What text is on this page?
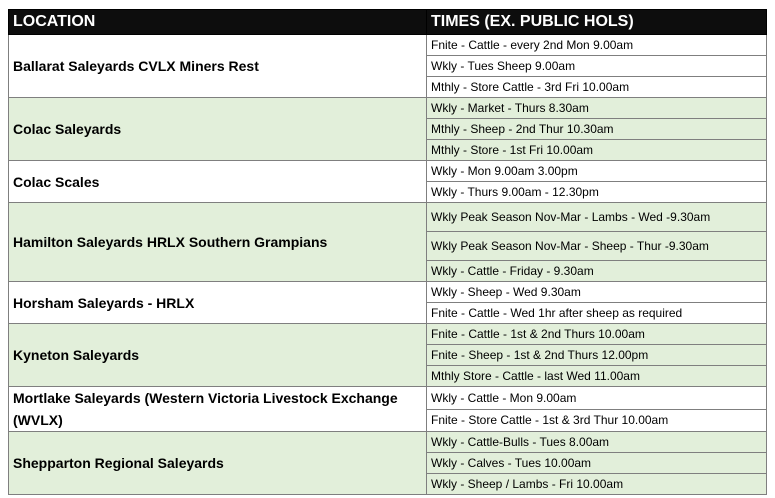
LOCATION	TIMES (EX. PUBLIC HOLS)
Ballarat Saleyards CVLX Miners Rest	Fnite - Cattle - every 2nd Mon 9.00am
	Wkly - Tues Sheep 9.00am
	Mthly - Store Cattle - 3rd Fri 10.00am
Colac Saleyards	Wkly - Market - Thurs 8.30am
	Mthly - Sheep - 2nd Thur 10.30am
	Mthly - Store - 1st Fri 10.00am
Colac Scales	Wkly - Mon 9.00am 3.00pm
	Wkly - Thurs 9.00am - 12.30pm
Hamilton Saleyards HRLX Southern Grampians	Wkly Peak Season Nov-Mar - Lambs - Wed -9.30am
	Wkly Peak Season Nov-Mar - Sheep - Thur -9.30am
	Wkly - Cattle - Friday - 9.30am
Horsham Saleyards - HRLX	Wkly - Sheep - Wed 9.30am
	Fnite - Cattle - Wed 1hr after sheep as required
Kyneton Saleyards	Fnite - Cattle - 1st & 2nd Thurs 10.00am
	Fnite - Sheep - 1st & 2nd Thurs 12.00pm
	Mthly Store - Cattle - last Wed 11.00am
Mortlake Saleyards (Western Victoria Livestock Exchange (WVLX)	Wkly - Cattle - Mon 9.00am
	Fnite - Store Cattle - 1st & 3rd Thur 10.00am
Shepparton Regional Saleyards	Wkly - Cattle-Bulls - Tues 8.00am
	Wkly - Calves - Tues 10.00am
	Wkly - Sheep / Lambs - Fri 10.00am
